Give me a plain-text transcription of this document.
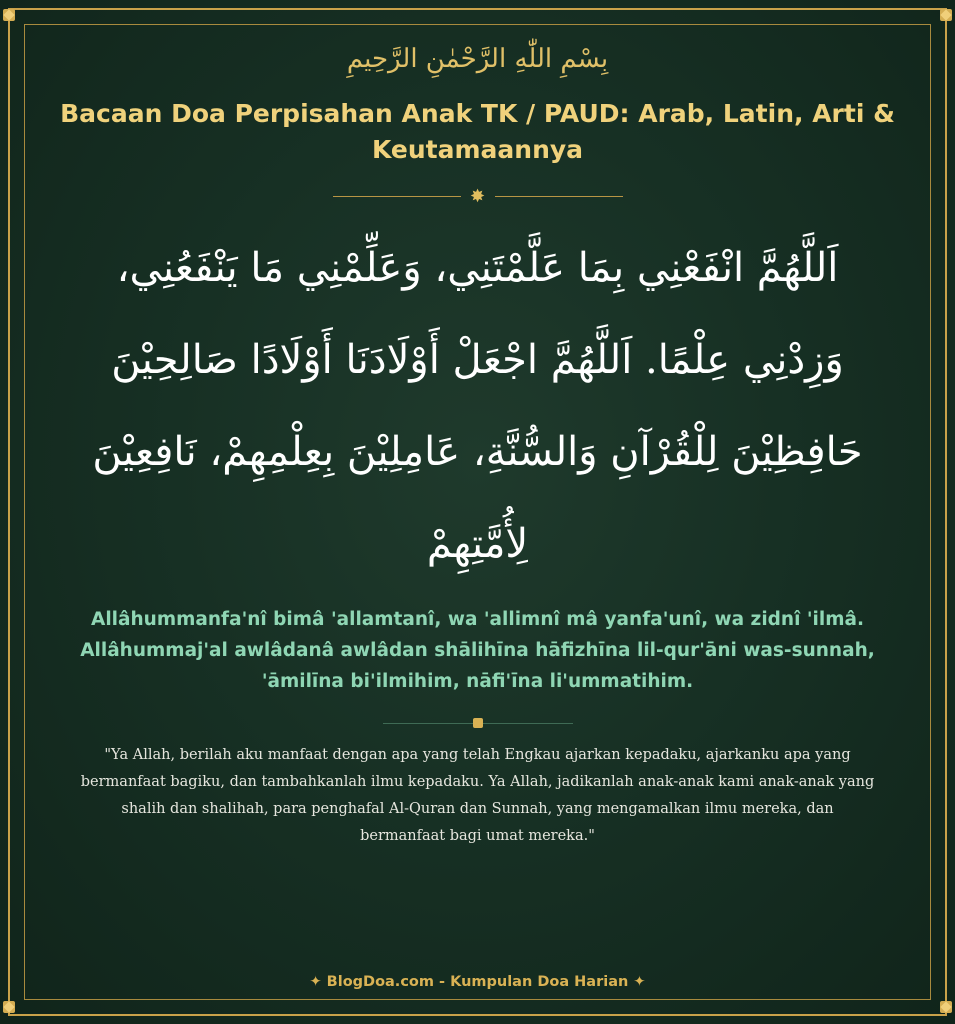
بِسْمِ اللّٰهِ الرَّحْمٰنِ الرَّحِيمِ
Bacaan Doa Perpisahan Anak TK / PAUD: Arab, Latin, Arti & Keutamaannya
✸
اَللَّهُمَّ انْفَعْنِي بِمَا عَلَّمْتَنِي، وَعَلِّمْنِي مَا يَنْفَعُنِي، وَزِدْنِي عِلْمًا. اَللَّهُمَّ اجْعَلْ أَوْلَادَنَا أَوْلَادًا صَالِحِيْنَ حَافِظِيْنَ لِلْقُرْآنِ وَالسُّنَّةِ، عَامِلِيْنَ بِعِلْمِهِمْ، نَافِعِيْنَ لِأُمَّتِهِمْ
Allâhummanfa'nî bimâ 'allamtanî, wa 'allimnî mâ yanfa'unî, wa zidnî 'ilmâ. Allâhummaj'al awlâdanâ awlâdan shālihīna hāfizhīna lil-qur'āni was-sunnah, 'āmilīna bi'ilmihim, nāfi'īna li'ummatihim.
"Ya Allah, berilah aku manfaat dengan apa yang telah Engkau ajarkan kepadaku, ajarkanku apa yang bermanfaat bagiku, dan tambahkanlah ilmu kepadaku. Ya Allah, jadikanlah anak-anak kami anak-anak yang shalih dan shalihah, para penghafal Al-Quran dan Sunnah, yang mengamalkan ilmu mereka, dan bermanfaat bagi umat mereka."
✦ BlogDoa.com - Kumpulan Doa Harian ✦
